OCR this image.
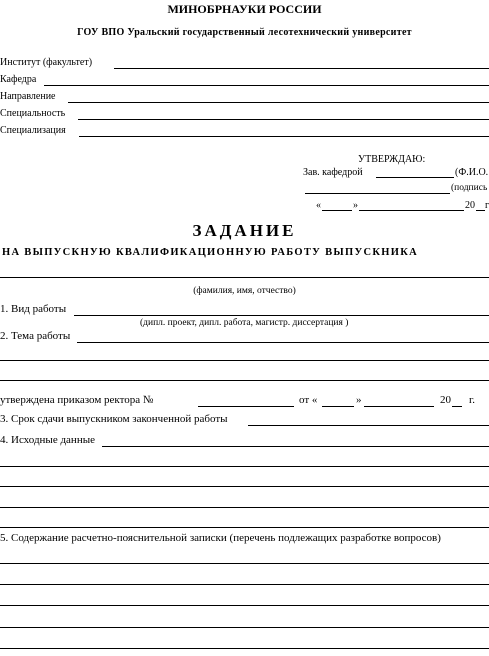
МИНОБРНАУКИ РОССИИ
ГОУ ВПО Уральский государственный лесотехнический университет
Институт (факультет)
Кафедра
Направление
Специальность
Специализация
УТВЕРЖДАЮ:
Зав. кафедрой	(Ф.И.О.
(подпись
«	»	20 г
ЗАДАНИЕ
НА ВЫПУСКНУЮ КВАЛИФИКАЦИОННУЮ РАБОТУ ВЫПУСКНИКА
(фамилия, имя, отчество)
1. Вид работы
(дипл. проект, дипл. работа, магистр. диссертация )
2. Тема работы
утверждена приказом ректора №	от «	»	20 г.
3. Срок сдачи выпускником законченной работы
4. Исходные данные
5. Содержание расчетно-пояснительной записки (перечень подлежащих разработке вопросов)
